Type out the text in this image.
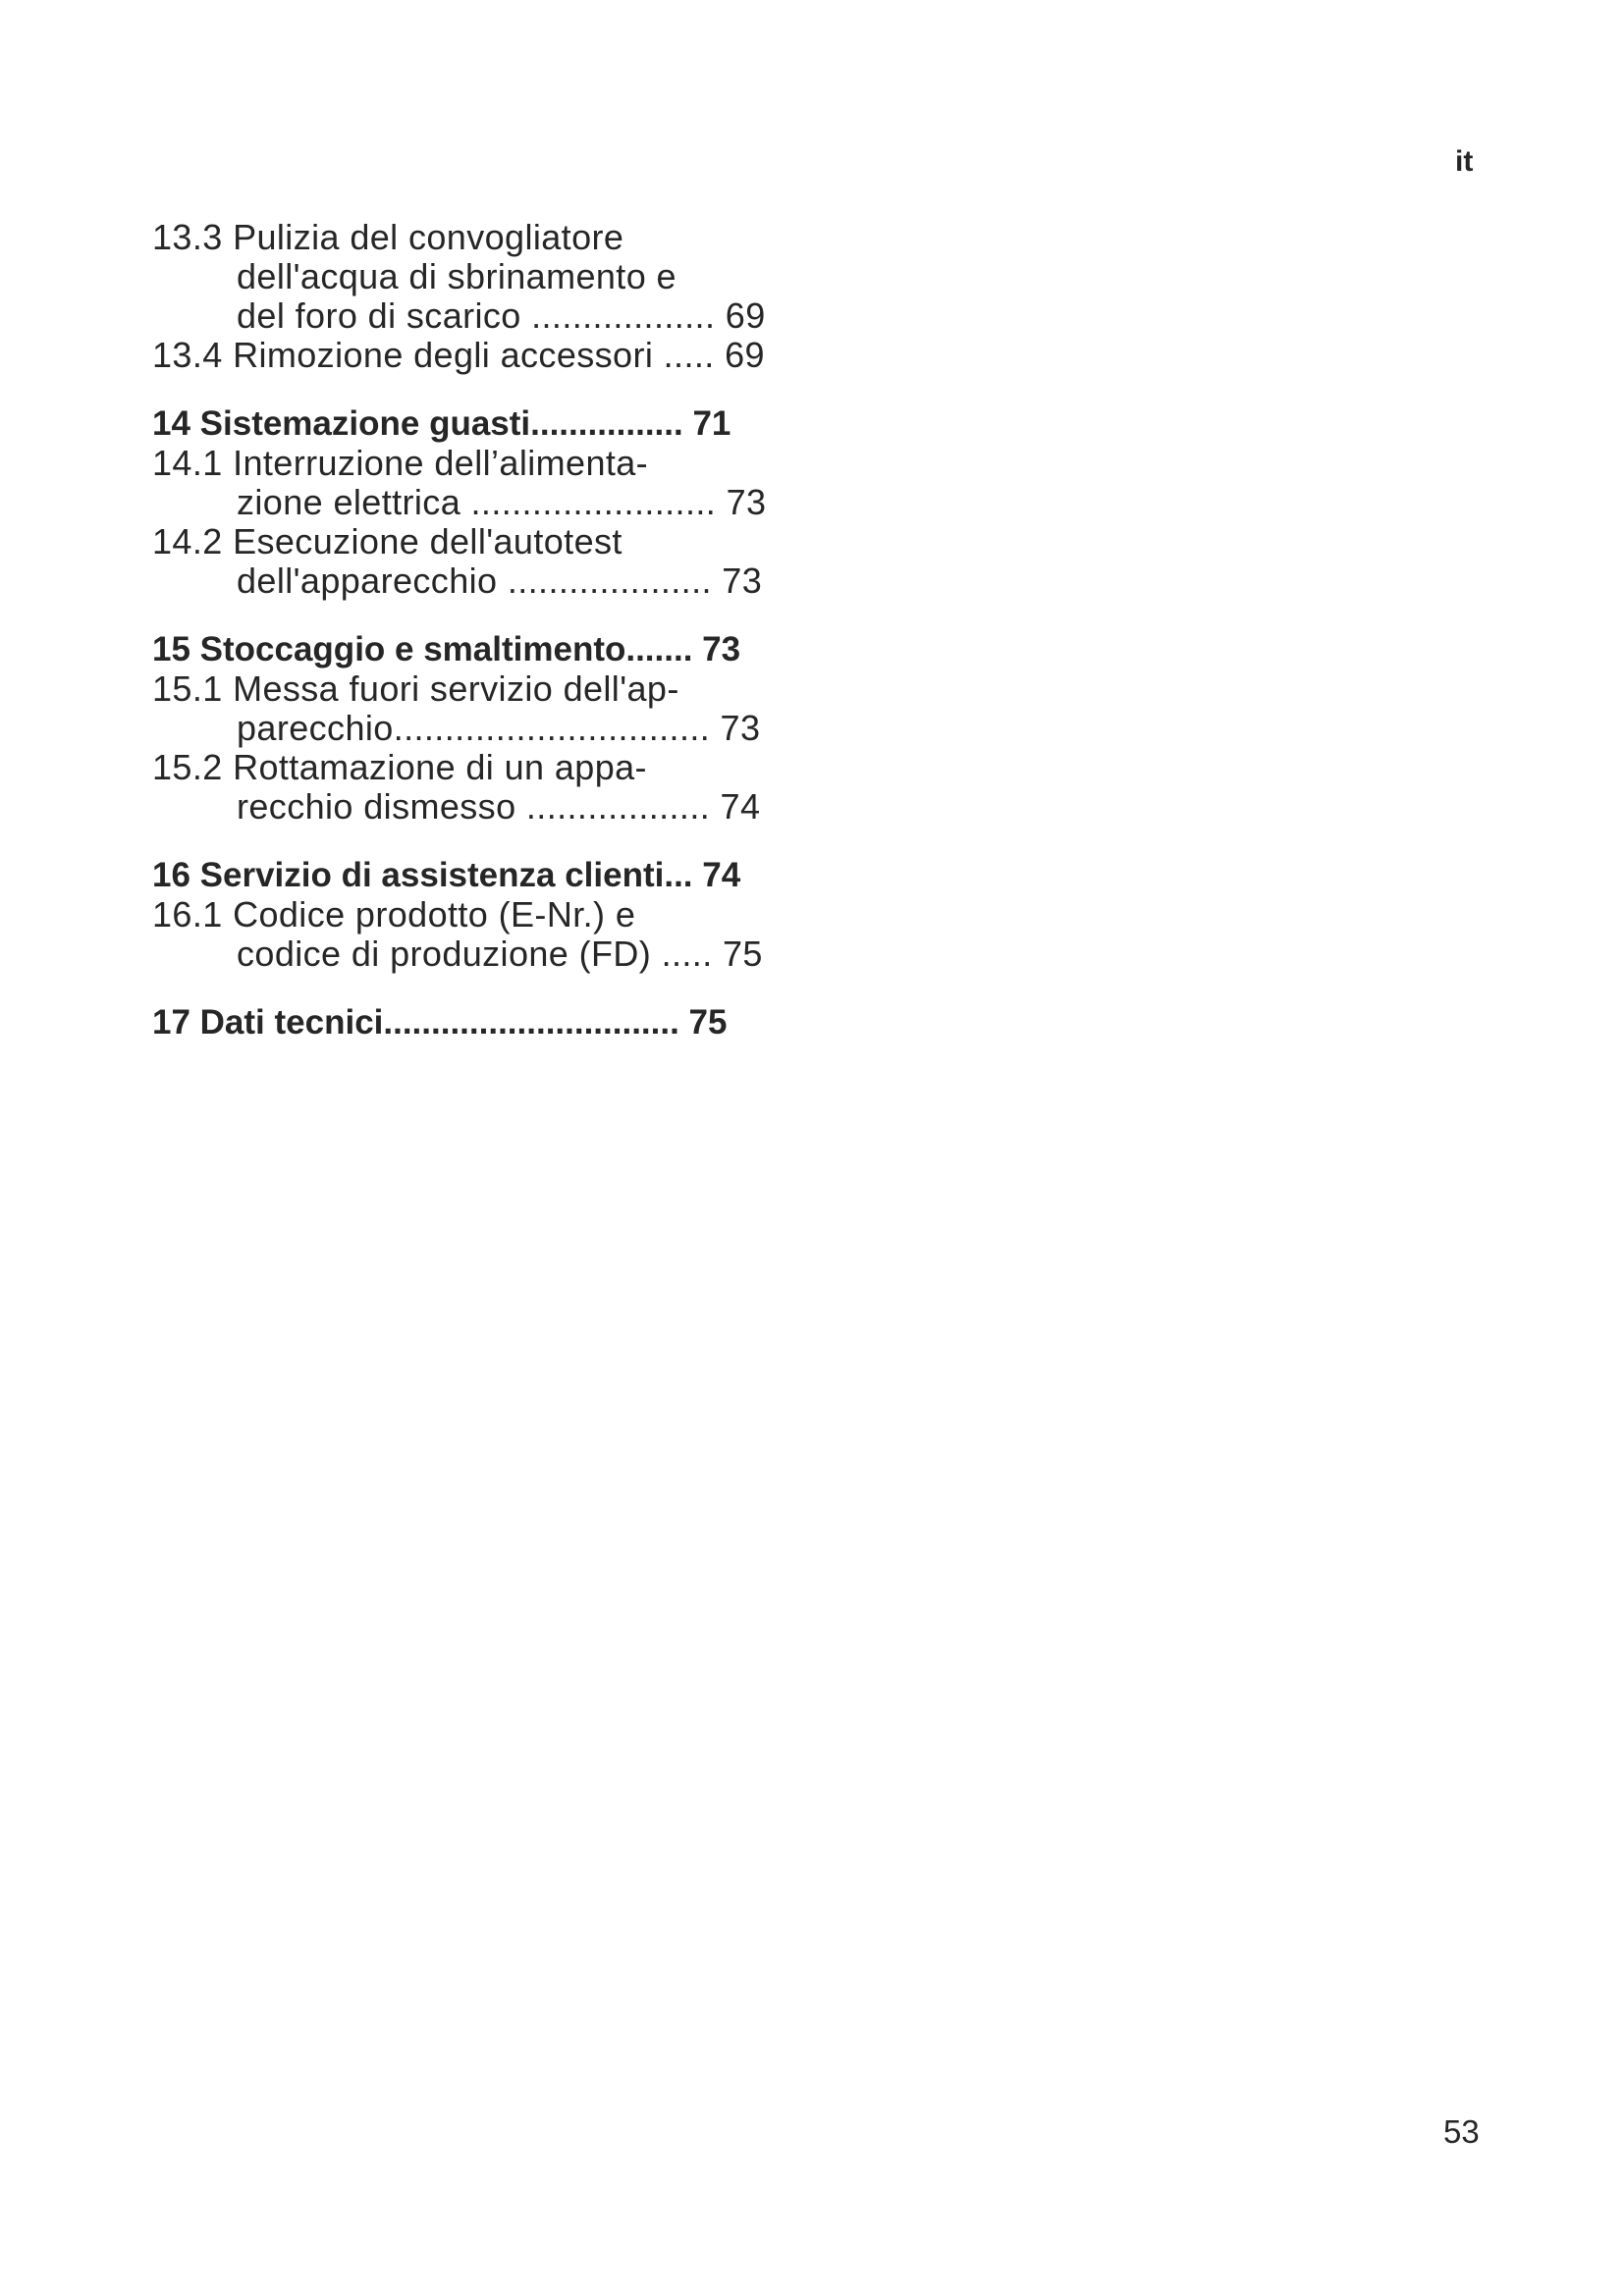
it
13.3 Pulizia del convogliatore
dell'acqua di sbrinamento e
del foro di scarico .................. 69
13.4 Rimozione degli accessori ..... 69
14 Sistemazione guasti................ 71
14.1 Interruzione dell’alimenta-
zione elettrica ........................ 73
14.2 Esecuzione dell'autotest
dell'apparecchio .................... 73
15 Stoccaggio e smaltimento....... 73
15.1 Messa fuori servizio dell'ap-
parecchio............................... 73
15.2 Rottamazione di un appa-
recchio dismesso .................. 74
16 Servizio di assistenza clienti... 74
16.1 Codice prodotto (E-Nr.) e
codice di produzione (FD) ..... 75
17 Dati tecnici............................... 75
53
